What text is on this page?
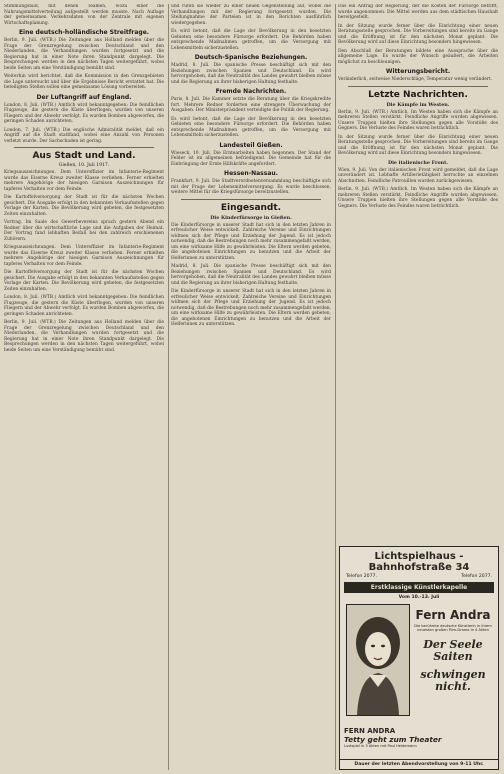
Stimmungsbild, mit denen Teamen, wozu einer die Nahrungsmittelverteilung aufgestellt werden musste. Nach Auflage der gemeinsamen Verkehrsdaten von der Zentrale mit eigenen Wirtschaftsplanung.

Eine deutsch-holländische Streitfrage.

Berlin, 9. Juli. (WTB.) Die Zeitungen aus Holland melden über die Frage der Grenzregelung zwischen Deutschland und den Niederlanden, die Verhandlungen wurden fortgesetzt und die Regierung hat in einer Note ihren Standpunkt dargelegt. Die Besprechungen werden in den nächsten Tagen weitergeführt, wobei beide Seiten um eine Verständigung bemüht sind.

Weiterhin wird berichtet, daß die Kommission in den Grenzgebieten die Lage untersucht und über die Ergebnisse Bericht erstattet hat. Die beteiligten Stellen sollen eine gemeinsame Lösung vorbereiten.

Der Luftangriff auf England.

London, 8. Juli. (WTB.) Amtlich wird bekanntgegeben: Die feindlichen Flugzeuge, die gestern die Küste überflogen, wurden von unseren Fliegern und der Abwehr verfolgt. Es wurden Bomben abgeworfen, die geringen Schaden anrichteten.

London, 7. Juli. (WTB.) Die englische Admiralität meldet, daß ein Angriff auf die Stadt stattfand, wobei eine Anzahl von Personen verletzt wurde. Der Sachschaden ist gering.

Aus Stadt und Land.
Gießen, 10. Juli 1917.

Kriegsauszeichnungen. Dem Unteroffizier im Infanterie-Regiment wurde das Eiserne Kreuz zweiter Klasse verliehen. Ferner erhielten mehrere Angehörige der hiesigen Garnison Auszeichnungen für tapferes Verhalten vor dem Feinde.

Die Kartoffelversorgung der Stadt ist für die nächsten Wochen gesichert. Die Ausgabe erfolgt in den bekannten Verkaufsstellen gegen Vorlage der Karten. Die Bevölkerung wird gebeten, die festgesetzten Zeiten einzuhalten.

Vortrag. Im Saale des Gewerbevereins sprach gestern Abend ein Redner über die wirtschaftliche Lage und die Aufgaben der Heimat. Der Vortrag fand lebhaften Beifall bei den zahlreich erschienenen Zuhörern.

Kriegsauszeichnungen. Dem Unteroffizier im Infanterie-Regiment wurde das Eiserne Kreuz zweiter Klasse verliehen. Ferner erhielten mehrere Angehörige der hiesigen Garnison Auszeichnungen für tapferes Verhalten vor dem Feinde.

Die Kartoffelversorgung der Stadt ist für die nächsten Wochen gesichert. Die Ausgabe erfolgt in den bekannten Verkaufsstellen gegen Vorlage der Karten. Die Bevölkerung wird gebeten, die festgesetzten Zeiten einzuhalten.

London, 8. Juli. (WTB.) Amtlich wird bekanntgegeben: Die feindlichen Flugzeuge, die gestern die Küste überflogen, wurden von unseren Fliegern und der Abwehr verfolgt. Es wurden Bomben abgeworfen, die geringen Schaden anrichteten.

Berlin, 9. Juli. (WTB.) Die Zeitungen aus Holland melden über die Frage der Grenzregelung zwischen Deutschland und den Niederlanden, die Verhandlungen wurden fortgesetzt und die Regierung hat in einer Note ihren Standpunkt dargelegt. Die Besprechungen werden in den nächsten Tagen weitergeführt, wobei beide Seiten um eine Verständigung bemüht sind.

und rufen sie wieder zu einer neuen Gegenstellung auf, wobei die Verhandlungen mit der Regierung fortgesetzt wurden. Die Stellungnahme der Parteien ist in den Berichten ausführlich wiedergegeben.

Es wird betont, daß die Lage der Bevölkerung in den besetzten Gebieten eine besondere Fürsorge erfordert. Die Behörden haben entsprechende Maßnahmen getroffen, um die Versorgung mit Lebensmitteln sicherzustellen.

Deutsch-Spanische Beziehungen.

Madrid, 8. Juli. Die spanische Presse beschäftigt sich mit den Beziehungen zwischen Spanien und Deutschland. Es wird hervorgehoben, daß die Neutralität des Landes gewahrt bleiben müsse und die Regierung an ihrer bisherigen Haltung festhalte.

Fremde Nachrichten.

Paris, 8. Juli. Die Kammer setzte die Beratung über die Kriegskredite fort. Mehrere Redner forderten eine strengere Überwachung der Ausgaben. Der Ministerpräsident verteidigte die Politik der Regierung.

Es wird betont, daß die Lage der Bevölkerung in den besetzten Gebieten eine besondere Fürsorge erfordert. Die Behörden haben entsprechende Maßnahmen getroffen, um die Versorgung mit Lebensmitteln sicherzustellen.

Landesteil Gießen.

Wieseck, 10. Juli. Die Erntearbeiten haben begonnen. Der Stand der Felder ist im allgemeinen befriedigend. Die Gemeinde hat für die Einbringung der Ernte Hilfskräfte angefordert.

Hessen-Nassau.

Frankfurt, 9. Juli. Die Stadtverordnetenversammlung beschäftigte sich mit der Frage der Lebensmittelversorgung. Es wurde beschlossen, weitere Mittel für die Kriegsfürsorge bereitzustellen.

Eingesandt.
Die Kinderfürsorge in Gießen.

Die Kinderfürsorge in unserer Stadt hat sich in den letzten Jahren in erfreulicher Weise entwickelt. Zahlreiche Vereine und Einrichtungen widmen sich der Pflege und Erziehung der Jugend. Es ist jedoch notwendig, daß die Bestrebungen noch mehr zusammengefaßt werden, um eine wirksame Hilfe zu gewährleisten. Die Eltern werden gebeten, die angebotenen Einrichtungen zu benutzen und die Arbeit der Helferinnen zu unterstützen.

Madrid, 8. Juli. Die spanische Presse beschäftigt sich mit den Beziehungen zwischen Spanien und Deutschland. Es wird hervorgehoben, daß die Neutralität des Landes gewahrt bleiben müsse und die Regierung an ihrer bisherigen Haltung festhalte.

Die Kinderfürsorge in unserer Stadt hat sich in den letzten Jahren in erfreulicher Weise entwickelt. Zahlreiche Vereine und Einrichtungen widmen sich der Pflege und Erziehung der Jugend. Es ist jedoch notwendig, daß die Bestrebungen noch mehr zusammengefaßt werden, um eine wirksame Hilfe zu gewährleisten. Die Eltern werden gebeten, die angebotenen Einrichtungen zu benutzen und die Arbeit der Helferinnen zu unterstützen.

Das ein Antrag der Regierung, der die Kosten der Fürsorge betrifft, wurde angenommen. Die Mittel werden aus dem städtischen Haushalt bereitgestellt.

In der Sitzung wurde ferner über die Einrichtung einer neuen Beratungsstelle gesprochen. Die Vorbereitungen sind bereits im Gange und die Eröffnung ist für den nächsten Monat geplant. Die Bevölkerung wird auf diese Einrichtung besonders hingewiesen.

Den Abschluß der Beratungen bildete eine Aussprache über die allgemeine Lage. Es wurde der Wunsch geäußert, die Arbeiten möglichst zu beschleunigen.

Witterungsbericht.

Veränderlich, zeitweise Niederschläge, Temperatur wenig verändert.

Letzte Nachrichten.
Die Kämpfe im Westen.

Berlin, 9. Juli. (WTB.) Amtlich. Im Westen haben sich die Kämpfe an mehreren Stellen verstärkt. Feindliche Angriffe wurden abgewiesen. Unsere Truppen hielten ihre Stellungen gegen alle Vorstöße des Gegners. Die Verluste des Feindes waren beträchtlich.

In der Sitzung wurde ferner über die Einrichtung einer neuen Beratungsstelle gesprochen. Die Vorbereitungen sind bereits im Gange und die Eröffnung ist für den nächsten Monat geplant. Die Bevölkerung wird auf diese Einrichtung besonders hingewiesen.

Die italienische Front.

Wien, 9. Juli. Von der italienischen Front wird gemeldet, daß die Lage unverändert ist. Lebhafte Artillerietätigkeit herrschte an einzelnen Abschnitten. Feindliche Patrouillen wurden zurückgewiesen.

Berlin, 9. Juli. (WTB.) Amtlich. Im Westen haben sich die Kämpfe an mehreren Stellen verstärkt. Feindliche Angriffe wurden abgewiesen. Unsere Truppen hielten ihre Stellungen gegen alle Vorstöße des Gegners. Die Verluste des Feindes waren beträchtlich.

Lichtspielhaus - Bahnhofstraße 34
Telefon 2077.	Telefon 2077.
Erstklassige Künstlerkapelle
Vom 10.-13. Juli
Fern Andra
Die berühmte deutsche Künstlerin in ihrem neuesten großen Film-Drama in 4 Akten
Der Seele Saiten
schwingen nicht.
FERN ANDRA
Tetty geht zum Theater
Lustspiel in 3 Akten mit Paul Heidemann
Dauer der letzten Abendvorstellung von 9-11 Uhr.
